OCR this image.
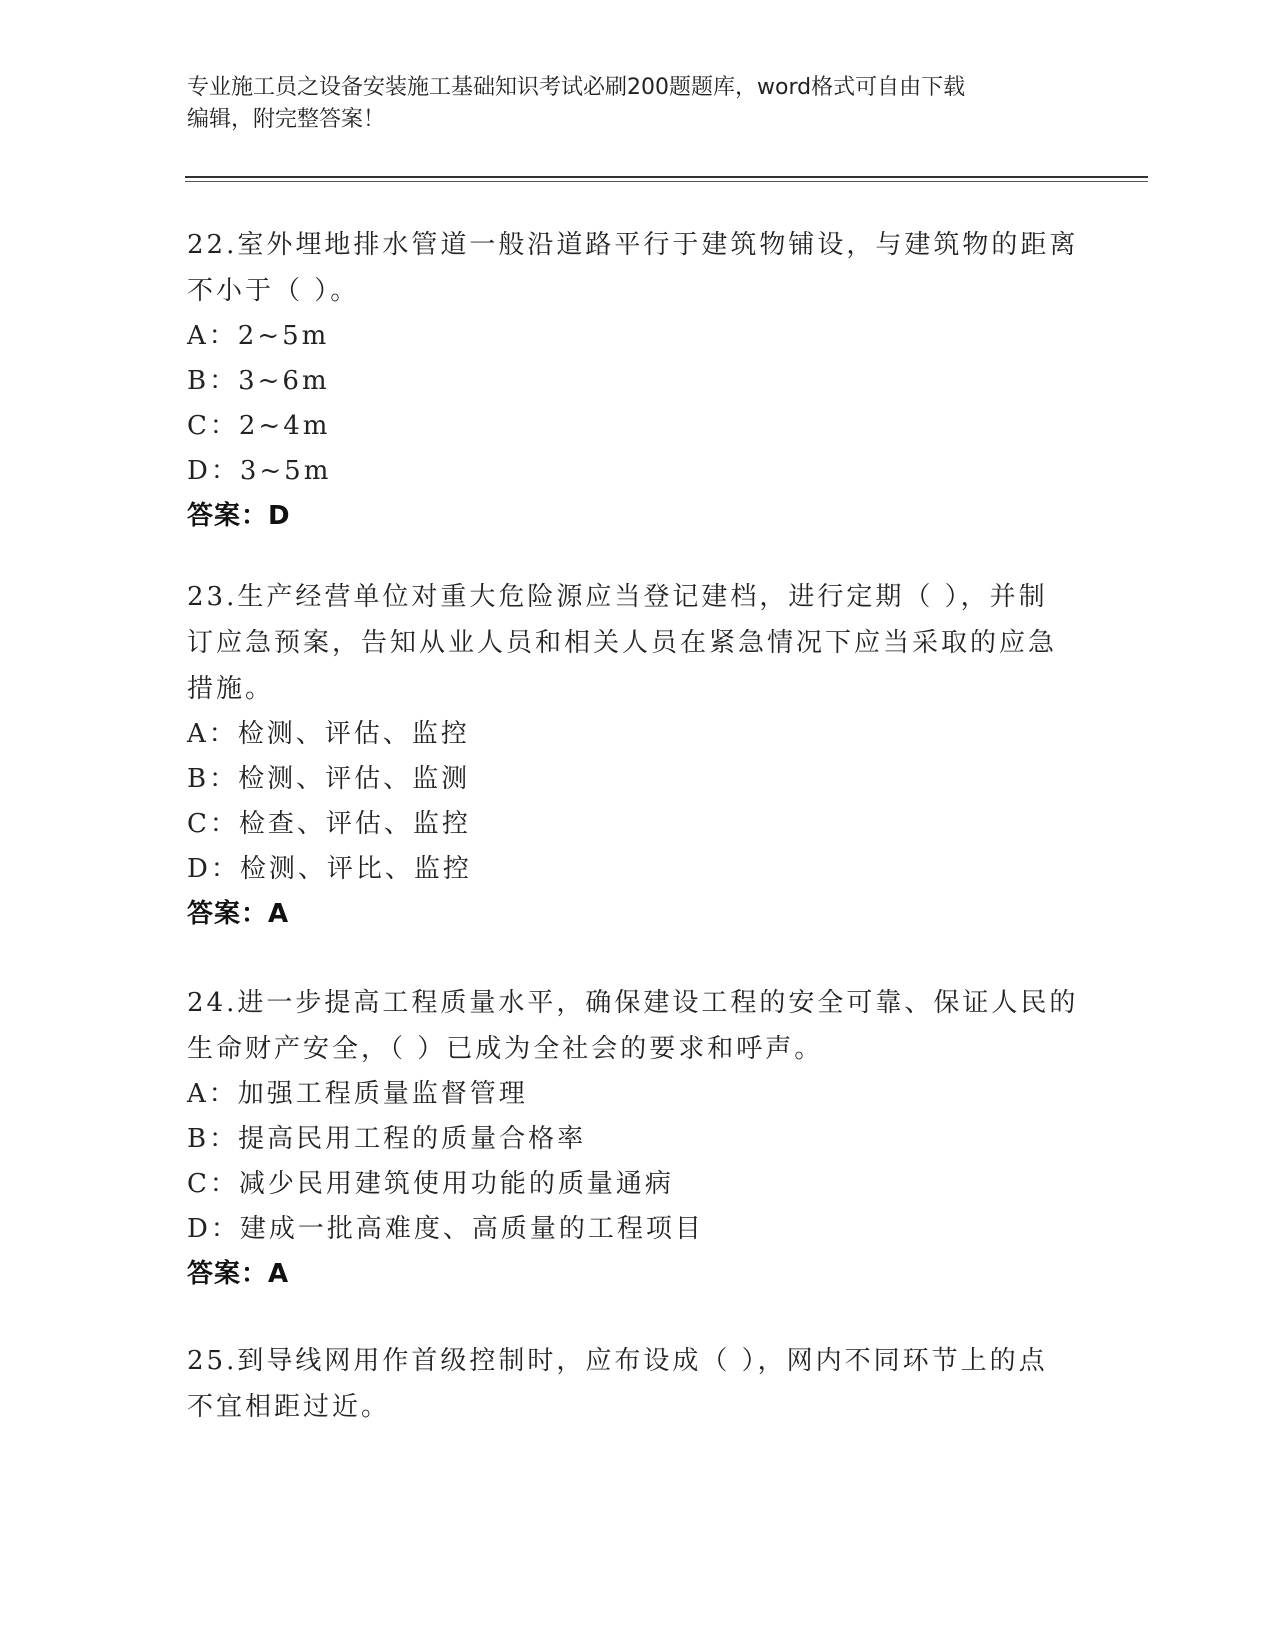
专业施工员之设备安装施工基础知识考试必刷200题题库，word格式可自由下载
编辑，附完整答案！
22.室外埋地排水管道一般沿道路平行于建筑物铺设，与建筑物的距离
不小于（ ）。
A：2~5m
B：3~6m
C：2~4m
D：3~5m
答案：D
23.生产经营单位对重大危险源应当登记建档，进行定期（ ），并制
订应急预案，告知从业人员和相关人员在紧急情况下应当采取的应急
措施。
A：检测、评估、监控
B：检测、评估、监测
C：检查、评估、监控
D：检测、评比、监控
答案：A
24.进一步提高工程质量水平，确保建设工程的安全可靠、保证人民的
生命财产安全，（ ）已成为全社会的要求和呼声。
A：加强工程质量监督管理
B：提高民用工程的质量合格率
C：减少民用建筑使用功能的质量通病
D：建成一批高难度、高质量的工程项目
答案：A
25.到导线网用作首级控制时，应布设成（ ），网内不同环节上的点
不宜相距过近。
